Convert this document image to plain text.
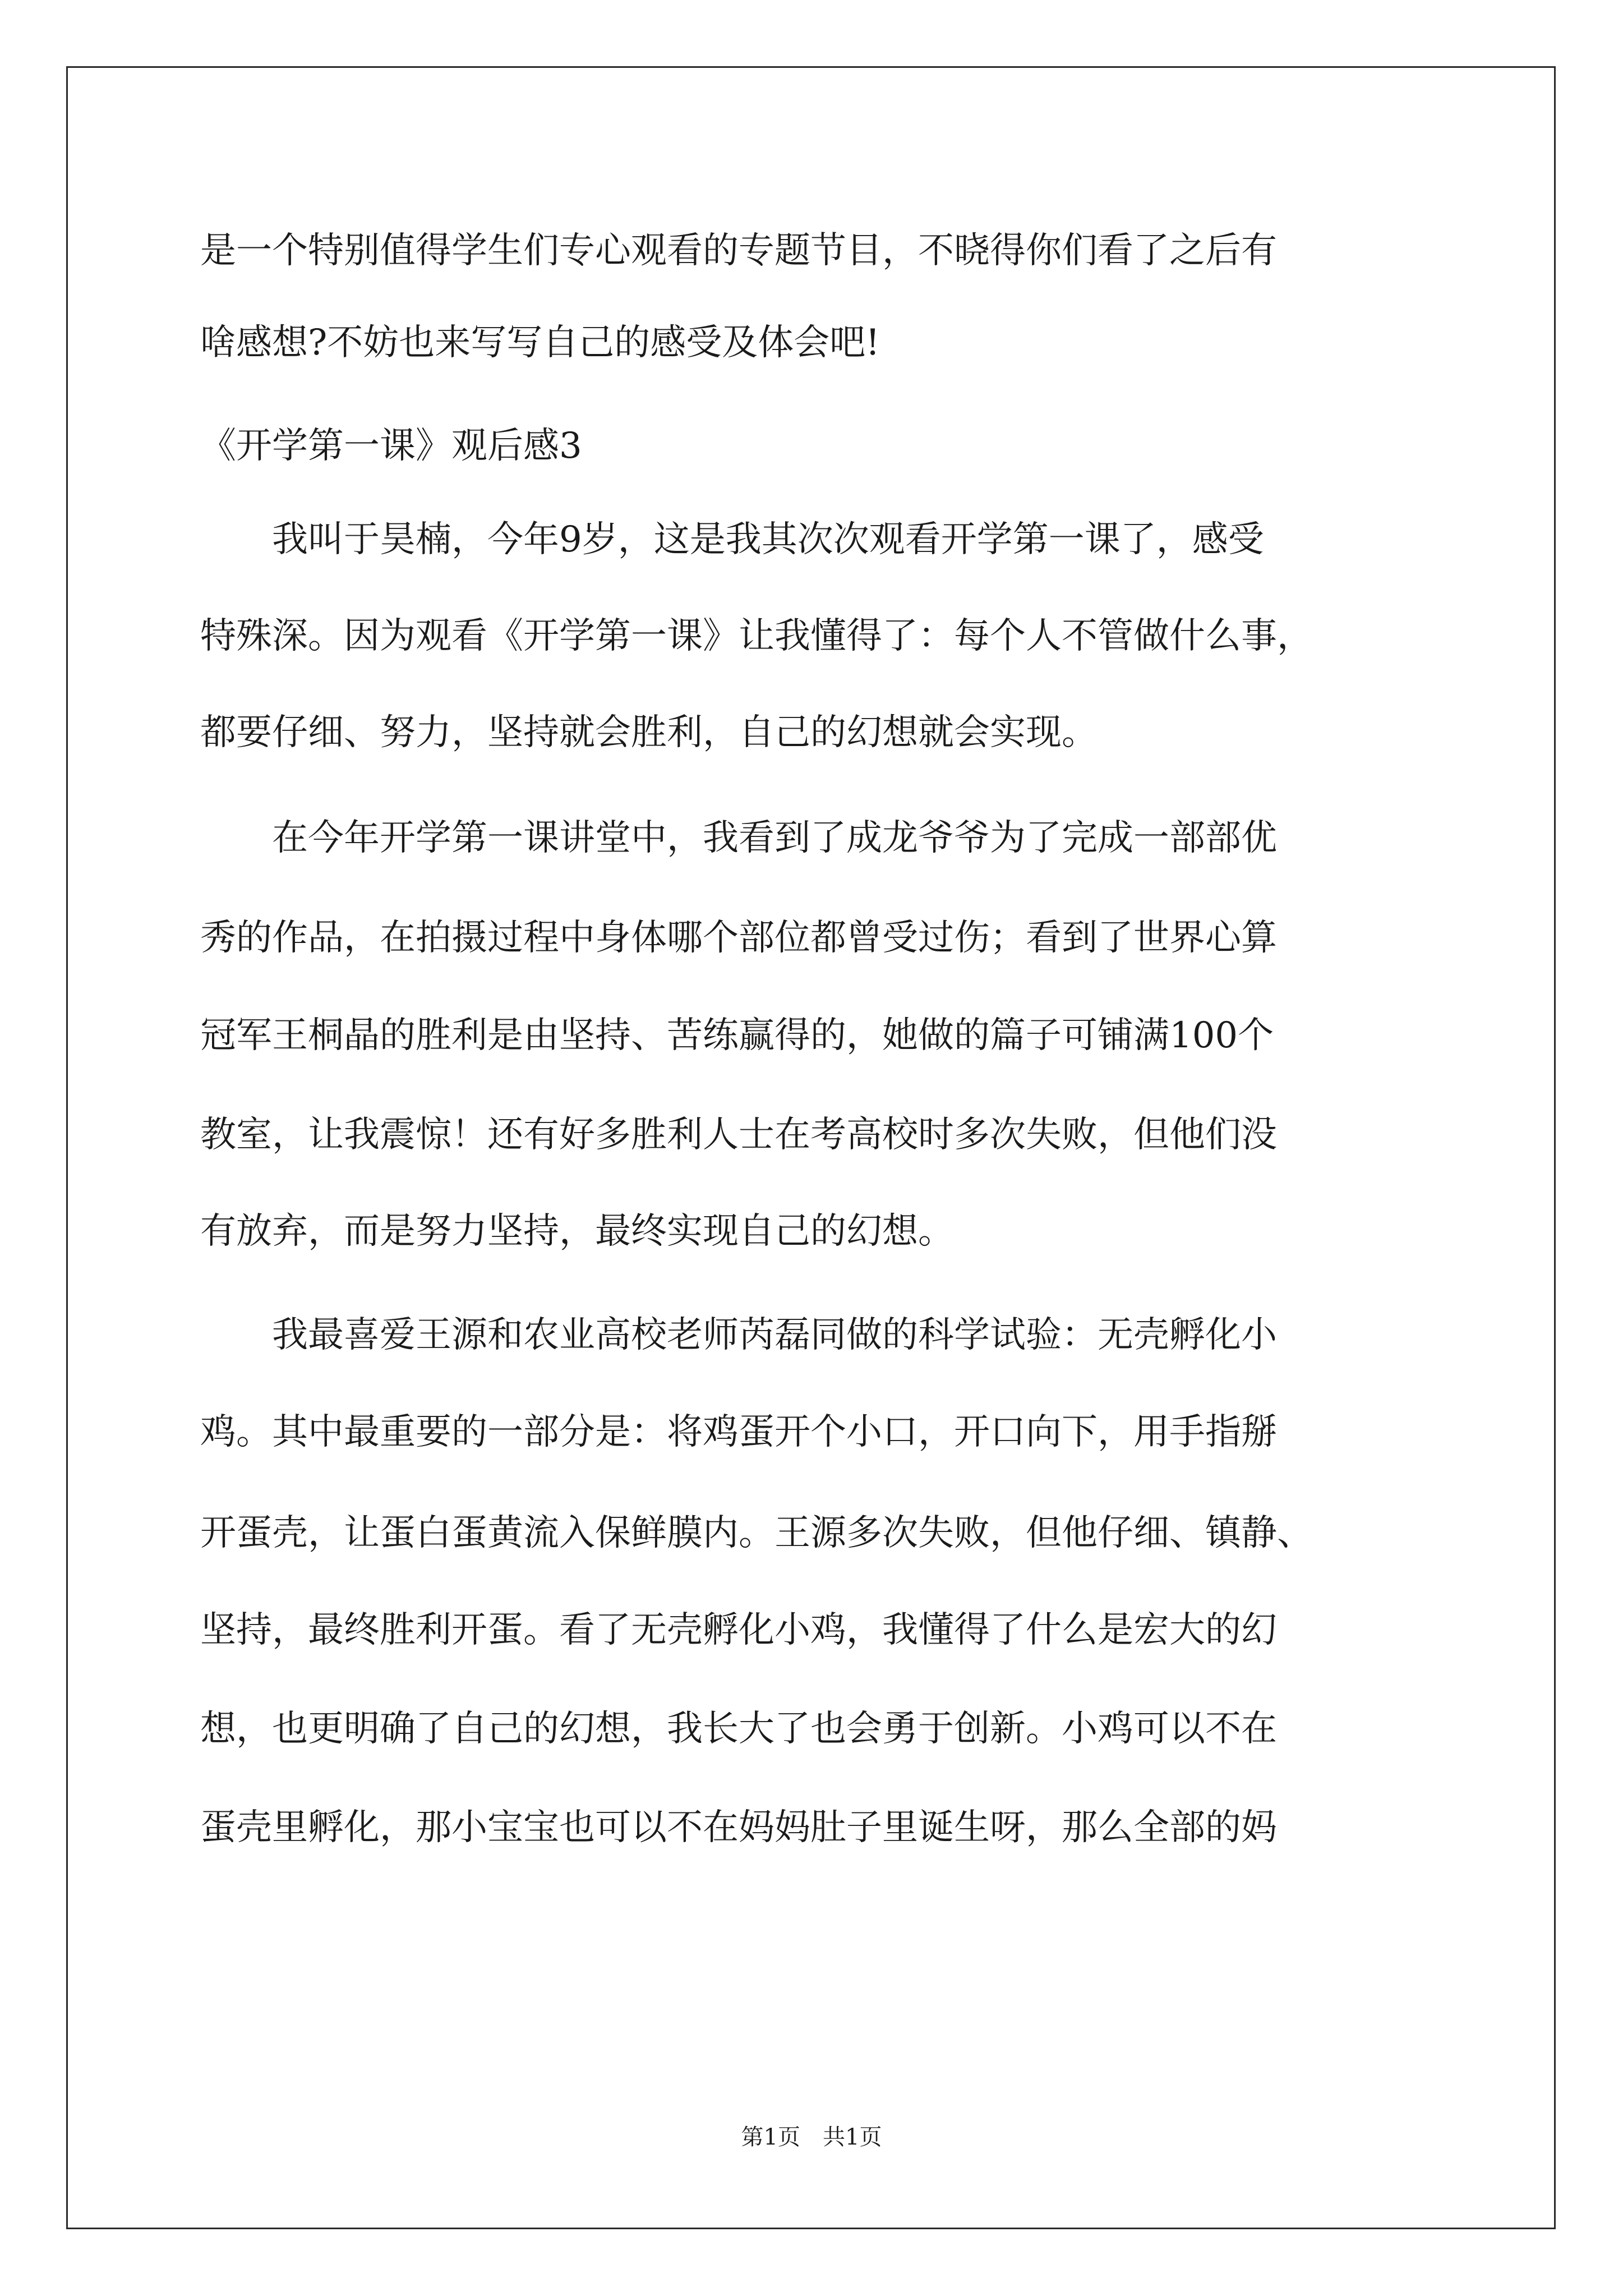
是一个特别值得学生们专心观看的专题节目，不晓得你们看了之后有
啥感想?不妨也来写写自己的感受及体会吧!
《开学第一课》观后感3
我叫于昊楠，今年9岁，这是我其次次观看开学第一课了，感受
特殊深。因为观看《开学第一课》让我懂得了：每个人不管做什么事，
都要仔细、努力，坚持就会胜利，自己的幻想就会实现。
在今年开学第一课讲堂中，我看到了成龙爷爷为了完成一部部优
秀的作品，在拍摄过程中身体哪个部位都曾受过伤；看到了世界心算
冠军王桐晶的胜利是由坚持、苦练赢得的，她做的篇子可铺满100个
教室，让我震惊！还有好多胜利人士在考高校时多次失败，但他们没
有放弃，而是努力坚持，最终实现自己的幻想。
我最喜爱王源和农业高校老师芮磊同做的科学试验：无壳孵化小
鸡。其中最重要的一部分是：将鸡蛋开个小口，开口向下，用手指掰
开蛋壳，让蛋白蛋黄流入保鲜膜内。王源多次失败，但他仔细、镇静、
坚持，最终胜利开蛋。看了无壳孵化小鸡，我懂得了什么是宏大的幻
想，也更明确了自己的幻想，我长大了也会勇于创新。小鸡可以不在
蛋壳里孵化，那小宝宝也可以不在妈妈肚子里诞生呀，那么全部的妈
第1页　共1页
